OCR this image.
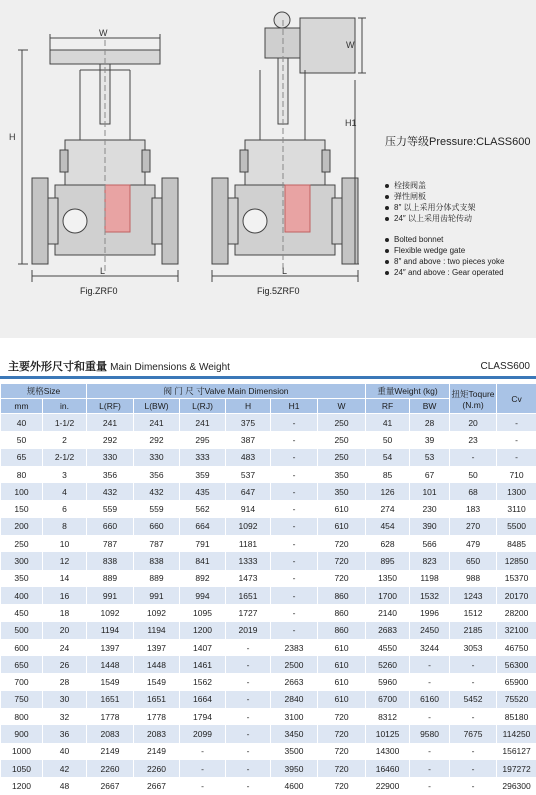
W
H
L
Fig.ZRF0
W
H1
L
Fig.5ZRF0
压力等级Pressure:CLASS600
栓接阀盖
弹性闸板
8″ 以上采用分体式支架
24″ 以上采用齿轮传动
Bolted bonnet
Flexible wedge gate
8″ and above : two pieces yoke
24″ and above : Gear operated
主要外形尺寸和重量 Main Dimensions & Weight	CLASS600
规格Size		阀 门 尺 寸Valve Main Dimension						重量Weight (kg)		扭矩Toqure (N.m)	Cv
mm	in.	L(RF)	L(BW)	L(RJ)	H	H1	W	RF	BW		
40	1-1/2	241	241	241	375	-	250	41	28	20	-
50	2	292	292	295	387	-	250	50	39	23	-
65	2-1/2	330	330	333	483	-	250	54	53	-	-
80	3	356	356	359	537	-	350	85	67	50	710
100	4	432	432	435	647	-	350	126	101	68	1300
150	6	559	559	562	914	-	610	274	230	183	3110
200	8	660	660	664	1092	-	610	454	390	270	5500
250	10	787	787	791	1181	-	720	628	566	479	8485
300	12	838	838	841	1333	-	720	895	823	650	12850
350	14	889	889	892	1473	-	720	1350	1198	988	15370
400	16	991	991	994	1651	-	860	1700	1532	1243	20170
450	18	1092	1092	1095	1727	-	860	2140	1996	1512	28200
500	20	1194	1194	1200	2019	-	860	2683	2450	2185	32100
600	24	1397	1397	1407	-	2383	610	4550	3244	3053	46750
650	26	1448	1448	1461	-	2500	610	5260	-	-	56300
700	28	1549	1549	1562	-	2663	610	5960	-	-	65900
750	30	1651	1651	1664	-	2840	610	6700	6160	5452	75520
800	32	1778	1778	1794	-	3100	720	8312	-	-	85180
900	36	2083	2083	2099	-	3450	720	10125	9580	7675	114250
1000	40	2149	2149	-	-	3500	720	14300	-	-	156127
1050	42	2260	2260	-	-	3950	720	16460	-	-	197272
1200	48	2667	2667	-	-	4600	720	22900	-	-	296300
